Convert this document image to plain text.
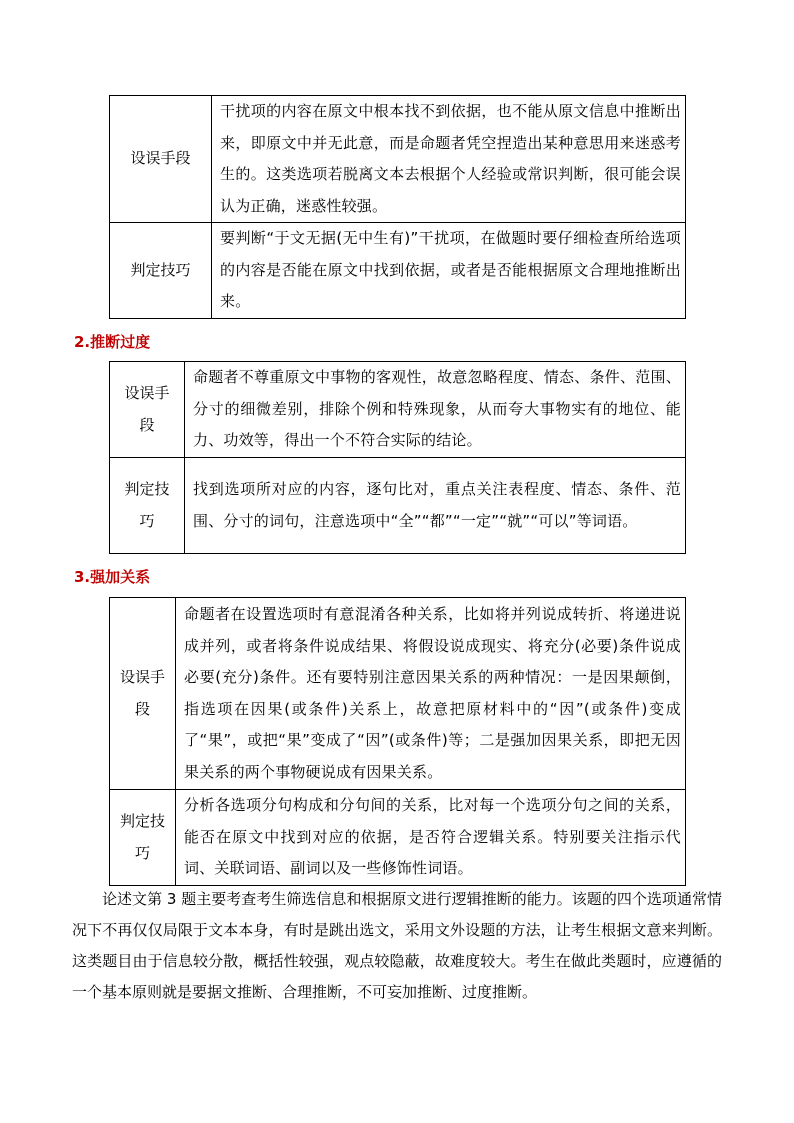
设误手段	干扰项的内容在原文中根本找不到依据，也不能从原文信息中推断出来，即原文中并无此意，而是命题者凭空捏造出某种意思用来迷惑考生的。这类选项若脱离文本去根据个人经验或常识判断，很可能会误认为正确，迷惑性较强。
判定技巧	要判断“于文无据(无中生有)”干扰项，在做题时要仔细检查所给选项的内容是否能在原文中找到依据，或者是否能根据原文合理地推断出来。
2.推断过度
设误手段	命题者不尊重原文中事物的客观性，故意忽略程度、情态、条件、范围、分寸的细微差别，排除个例和特殊现象，从而夸大事物实有的地位、能力、功效等，得出一个不符合实际的结论。
判定技巧	找到选项所对应的内容，逐句比对，重点关注表程度、情态、条件、范围、分寸的词句，注意选项中“全”“都”“一定”“就”“可以”等词语。
3.强加关系
设误手段	命题者在设置选项时有意混淆各种关系，比如将并列说成转折、将递进说成并列，或者将条件说成结果、将假设说成现实、将充分(必要)条件说成必要(充分)条件。还有要特别注意因果关系的两种情况：一是因果颠倒，指选项在因果(或条件)关系上，故意把原材料中的“因”(或条件)变成了“果”，或把“果”变成了“因”(或条件)等；二是强加因果关系，即把无因果关系的两个事物硬说成有因果关系。
判定技巧	分析各选项分句构成和分句间的关系，比对每一个选项分句之间的关系，能否在原文中找到对应的依据，是否符合逻辑关系。特别要关注指示代词、关联词语、副词以及一些修饰性词语。

论述文第 3 题主要考查考生筛选信息和根据原文进行逻辑推断的能力。该题的四个选项通常情况下不再仅仅局限于文本本身，有时是跳出选文，采用文外设题的方法，让考生根据文意来判断。这类题目由于信息较分散，概括性较强，观点较隐蔽，故难度较大。考生在做此类题时，应遵循的一个基本原则就是要据文推断、合理推断，不可妄加推断、过度推断。
